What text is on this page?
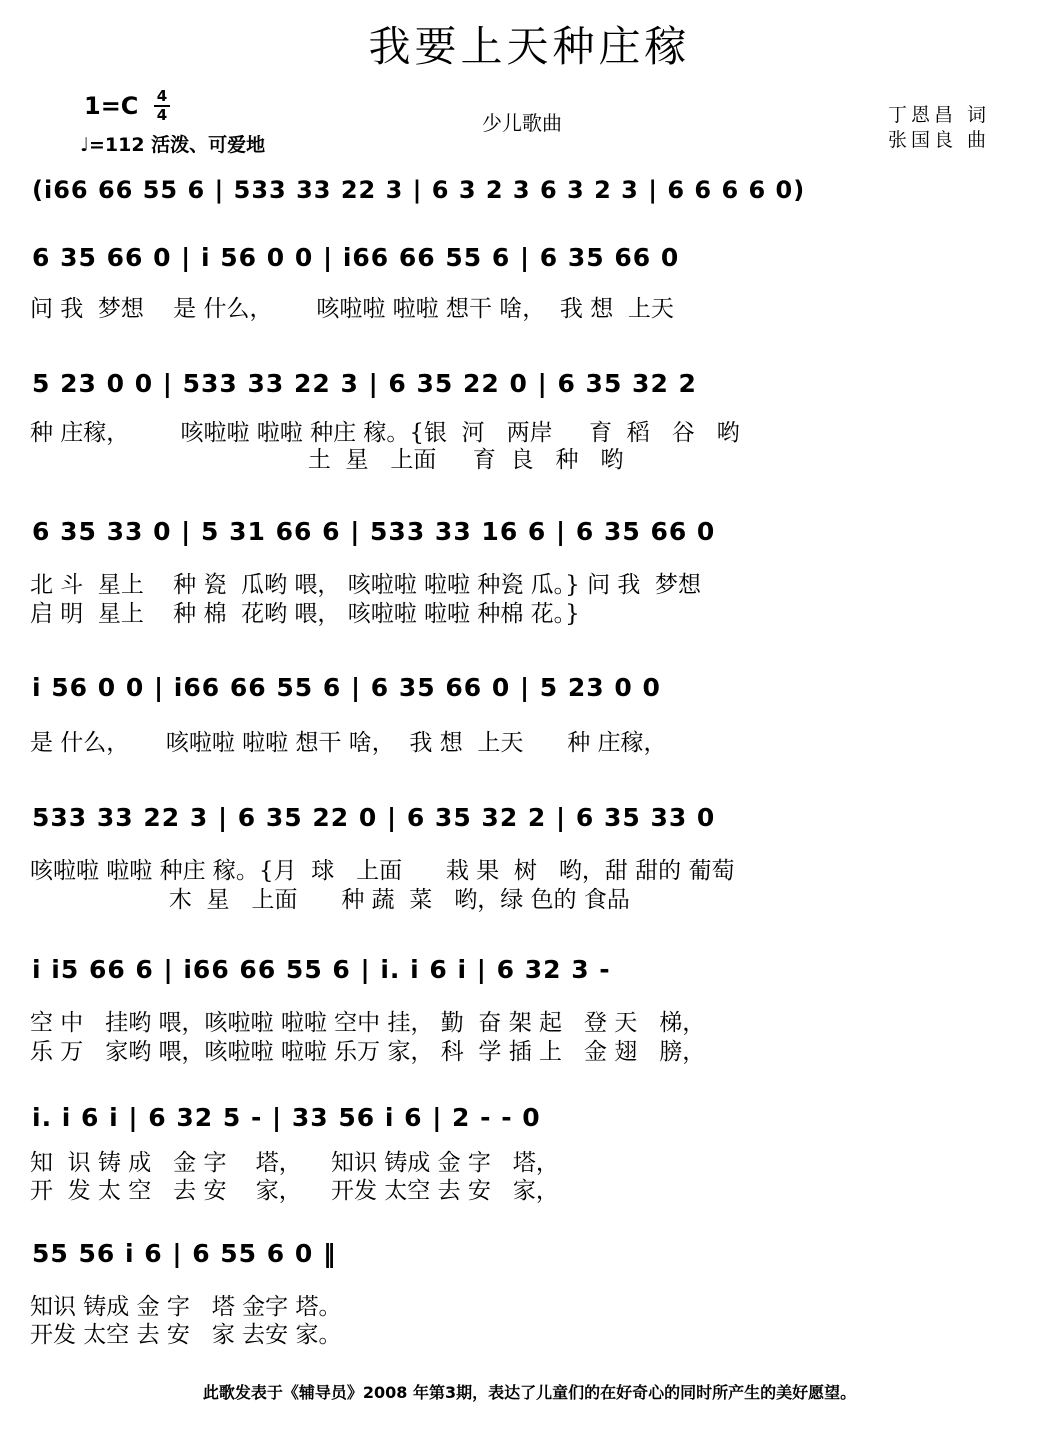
我要上天种庄稼
1=C 4
4
♩=112 活泼、可爱地
少儿歌曲	丁恩昌 词
张国良 曲
(i66 66 55 6 | 533 33 22 3 | 6 3 2 3 6 3 2 3 | 6 6 6 6 0)
6 35 66 0 | i 56 0 0 | i66 66 55 6 | 6 35 66 0
问 我  梦想    是 什么，      咳啦啦 啦啦 想干 啥，  我 想  上天
5 23 0 0 | 533 33 22 3 | 6 35 22 0 | 6 35 32 2
种 庄稼，       咳啦啦 啦啦 种庄 稼。{银  河   两岸     育  稻   谷   哟
土  星   上面     育  良   种   哟
6 35 33 0 | 5 31 66 6 | 533 33 16 6 | 6 35 66 0
北 斗  星上    种 瓷  瓜哟 喂， 咳啦啦 啦啦 种瓷 瓜。} 问 我  梦想
启 明  星上    种 棉  花哟 喂， 咳啦啦 啦啦 种棉 花。}
i 56 0 0 | i66 66 55 6 | 6 35 66 0 | 5 23 0 0
是 什么，     咳啦啦 啦啦 想干 啥，  我 想  上天      种 庄稼，
533 33 22 3 | 6 35 22 0 | 6 35 32 2 | 6 35 33 0
咳啦啦 啦啦 种庄 稼。{月  球   上面      栽 果  树   哟，甜 甜的 葡萄
木  星   上面      种 蔬  菜   哟，绿 色的 食品
i i5 66 6 | i66 66 55 6 | i. i 6 i | 6 32 3 -
空 中   挂哟 喂，咳啦啦 啦啦 空中 挂， 勤  奋 架 起   登 天   梯，
乐 万   家哟 喂，咳啦啦 啦啦 乐万 家， 科  学 插 上   金 翅   膀，
i. i 6 i | 6 32 5 - | 33 56 i 6 | 2 - - 0
知  识 铸 成   金 字    塔，    知识 铸成 金 字   塔，
开  发 太 空   去 安    家，    开发 太空 去 安   家，
55 56 i 6 | 6 55 6 0 ‖
知识 铸成 金 字   塔 金字 塔。
开发 太空 去 安   家 去安 家。
此歌发表于《辅导员》2008 年第3期，表达了儿童们的在好奇心的同时所产生的美好愿望。
